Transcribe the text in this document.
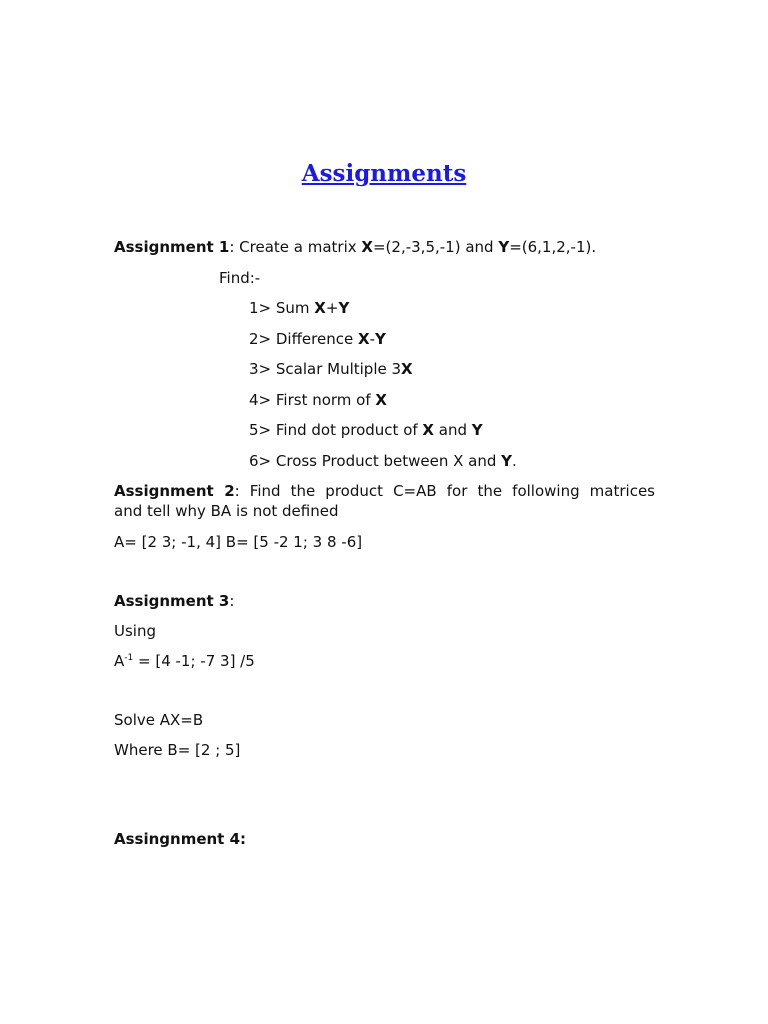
Assignments
Assignment 1: Create a matrix X=(2,-3,5,-1) and Y=(6,1,2,-1).
Find:-
1> Sum X+Y
2> Difference X-Y
3> Scalar Multiple 3X
4> First norm of X
5> Find dot product of X and Y
6> Cross Product between X and Y.
Assignment 2: Find the product C=AB for the following matrices
and tell why BA is not defined
A= [2 3; -1, 4] B= [5 -2 1; 3 8 -6]
Assignment 3:
Using
$A^{-1} = [4$ -1; -7 3] /5
Solve AX=B
Where B= [2 ; 5]
Assingnment 4:
